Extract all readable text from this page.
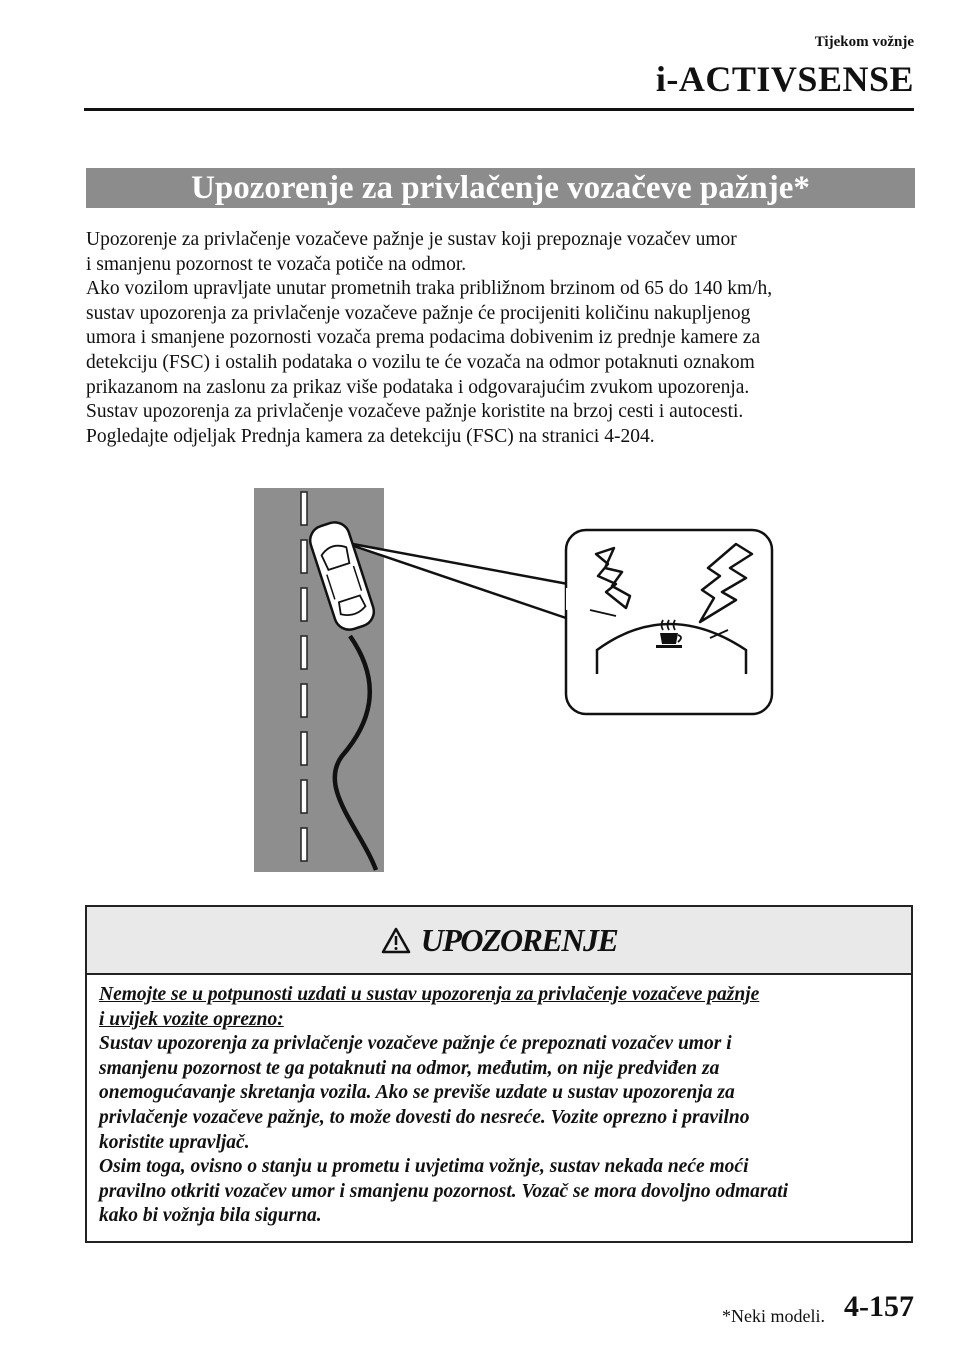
Tijekom vožnje
i-ACTIVSENSE
Upozorenje za privlačenje vozačeve pažnje*

Upozorenje za privlačenje vozačeve pažnje je sustav koji prepoznaje vozačev umor

i smanjenu pozornost te vozača potiče na odmor.

Ako vozilom upravljate unutar prometnih traka približnom brzinom od 65 do 140 km/h,

sustav upozorenja za privlačenje vozačeve pažnje će procijeniti količinu nakupljenog

umora i smanjene pozornosti vozača prema podacima dobivenim iz prednje kamere za

detekciju (FSC) i ostalih podataka o vozilu te će vozača na odmor potaknuti oznakom

prikazanom na zaslonu za prikaz više podataka i odgovarajućim zvukom upozorenja.

Sustav upozorenja za privlačenje vozačeve pažnje koristite na brzoj cesti i autocesti.

Pogledajte odjeljak Prednja kamera za detekciju (FSC) na stranici 4-204.

UPOZORENJE

Nemojte se u potpunosti uzdati u sustav upozorenja za privlačenje vozačeve pažnje

i uvijek vozite oprezno:

Sustav upozorenja za privlačenje vozačeve pažnje će prepoznati vozačev umor i

smanjenu pozornost te ga potaknuti na odmor, međutim, on nije predviđen za

onemogućavanje skretanja vozila. Ako se previše uzdate u sustav upozorenja za

privlačenje vozačeve pažnje, to može dovesti do nesreće. Vozite oprezno i pravilno

koristite upravljač.

Osim toga, ovisno o stanju u prometu i uvjetima vožnje, sustav nekada neće moći

pravilno otkriti vozačev umor i smanjenu pozornost. Vozač se mora dovoljno odmarati

kako bi vožnja bila sigurna.

*Neki modeli. 4-157
